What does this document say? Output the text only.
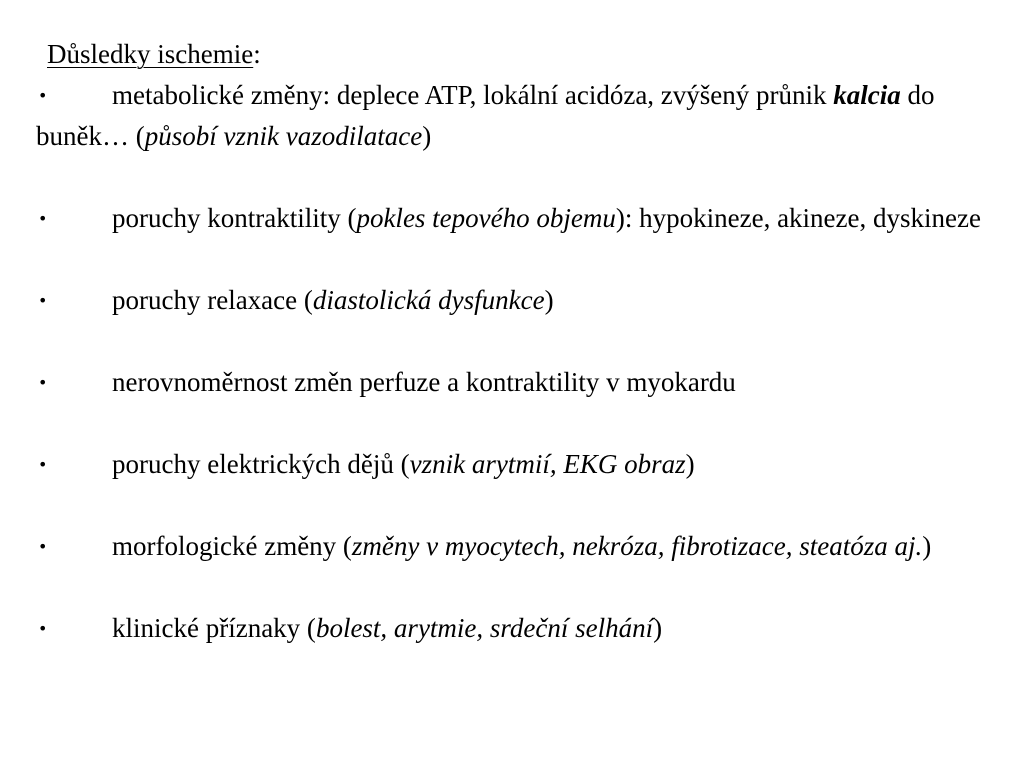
Důsledky ischemie:

• metabolické změny: deplece ATP, lokální acidóza, zvýšený průnik kalcia do buněk… (působí vznik vazodilatace)

• poruchy kontraktility (pokles tepového objemu): hypokineze, akineze, dyskineze

• poruchy relaxace (diastolická dysfunkce)

• nerovnoměrnost změn perfuze a kontraktility v myokardu

• poruchy elektrických dějů (vznik arytmií, EKG obraz)

• morfologické změny (změny v myocytech, nekróza, fibrotizace, steatóza aj.)

• klinické příznaky (bolest, arytmie, srdeční selhání)
